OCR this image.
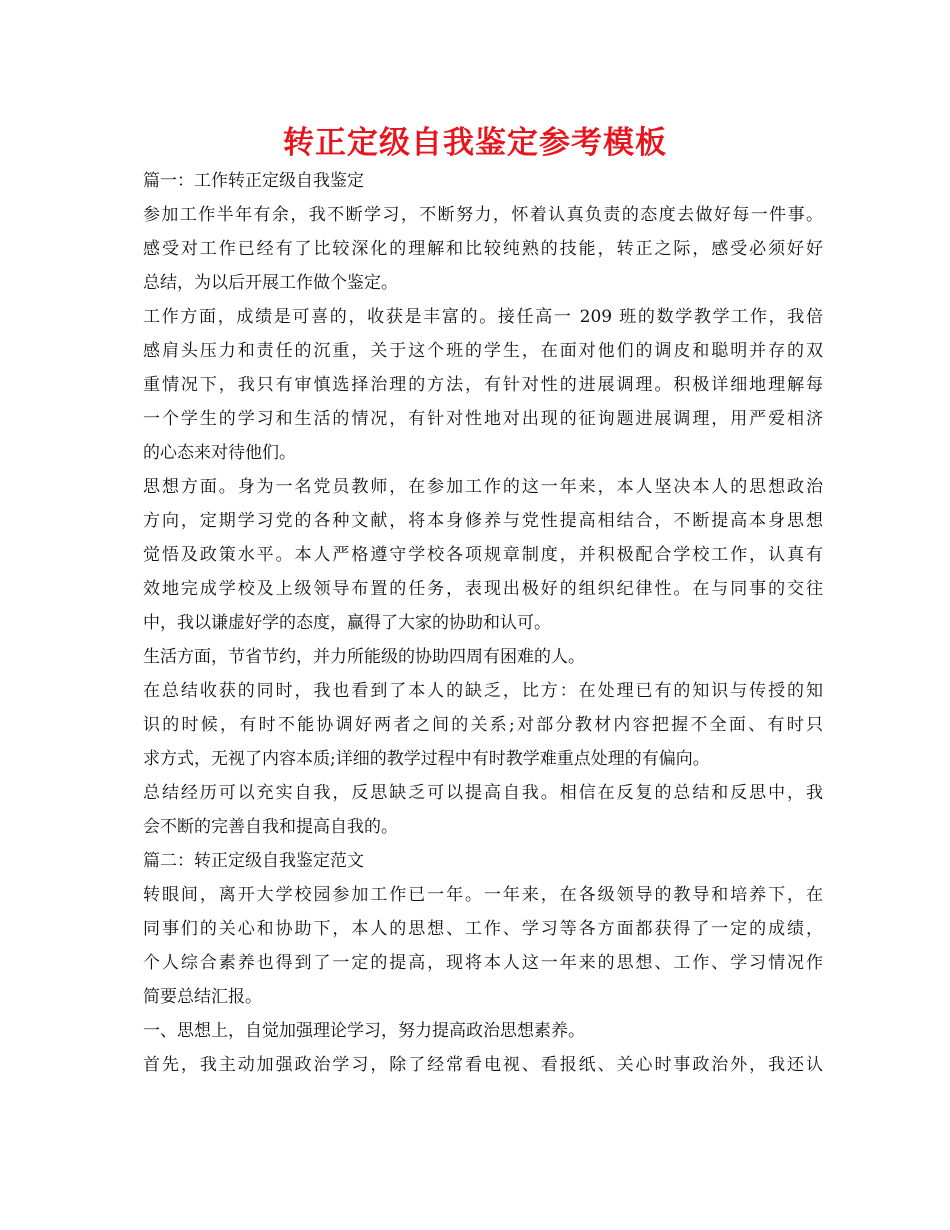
转正定级自我鉴定参考模板
篇一：工作转正定级自我鉴定
参加工作半年有余，我不断学习，不断努力，怀着认真负责的态度去做好每一件事。
感受对工作已经有了比较深化的理解和比较纯熟的技能，转正之际，感受必须好好
总结，为以后开展工作做个鉴定。
工作方面，成绩是可喜的，收获是丰富的。接任高一 209 班的数学教学工作，我倍
感肩头压力和责任的沉重，关于这个班的学生，在面对他们的调皮和聪明并存的双
重情况下，我只有审慎选择治理的方法，有针对性的进展调理。积极详细地理解每
一个学生的学习和生活的情况，有针对性地对出现的征询题进展调理，用严爱相济
的心态来对待他们。
思想方面。身为一名党员教师，在参加工作的这一年来，本人坚决本人的思想政治
方向，定期学习党的各种文献，将本身修养与党性提高相结合，不断提高本身思想
觉悟及政策水平。本人严格遵守学校各项规章制度，并积极配合学校工作，认真有
效地完成学校及上级领导布置的任务，表现出极好的组织纪律性。在与同事的交往
中，我以谦虚好学的态度，赢得了大家的协助和认可。
生活方面，节省节约，并力所能级的协助四周有困难的人。
在总结收获的同时，我也看到了本人的缺乏，比方：在处理已有的知识与传授的知
识的时候，有时不能协调好两者之间的关系;对部分教材内容把握不全面、有时只
求方式，无视了内容本质;详细的教学过程中有时教学难重点处理的有偏向。
总结经历可以充实自我，反思缺乏可以提高自我。相信在反复的总结和反思中，我
会不断的完善自我和提高自我的。
篇二：转正定级自我鉴定范文
转眼间，离开大学校园参加工作已一年。一年来，在各级领导的教导和培养下，在
同事们的关心和协助下，本人的思想、工作、学习等各方面都获得了一定的成绩，
个人综合素养也得到了一定的提高，现将本人这一年来的思想、工作、学习情况作
简要总结汇报。
一、思想上，自觉加强理论学习，努力提高政治思想素养。
首先，我主动加强政治学习，除了经常看电视、看报纸、关心时事政治外，我还认
